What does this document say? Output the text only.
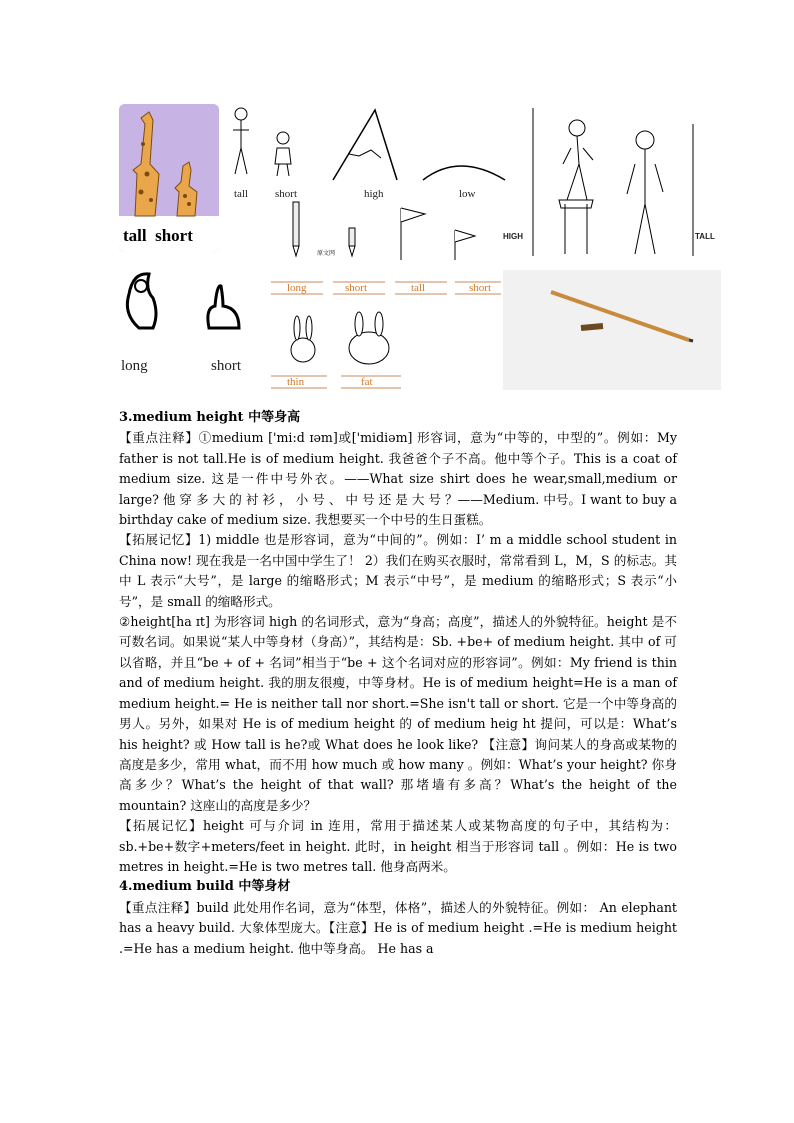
tall  short
tall short	high	low
原文网
long	short	tall	short
long	short
thin	fat
HIGH	TALL

3.medium height 中等身高

【重点注释】①medium ['mi:d ɪəm]或['midiəm] 形容词，意为“中等的，中型的”。例如：My father is not tall.He is of medium height. 我爸爸个子不高。他中等个子。This is a coat of medium size. 这是一件中号外衣。——What size shirt does he wear,small,medium or large? 他 穿 多 大 的 衬 衫 ， 小 号 、 中 号 还 是 大 号 ？——Medium. 中号。I want to buy a birthday cake of medium size. 我想要买一个中号的生日蛋糕。

【拓展记忆】1) middle 也是形容词，意为“中间的”。例如：I’ m a middle school student in China now! 现在我是一名中国中学生了！ 2）我们在购买衣服时，常常看到 L，M，S 的标志。其中 L 表示“大号”，是 large 的缩略形式；M 表示“中号”，是 medium 的缩略形式；S 表示“小号”，是 small 的缩略形式。

②height[ha ɪt] 为形容词 high 的名词形式，意为“身高；高度”，描述人的外貌特征。height 是不可数名词。如果说“某人中等身材（身高）”，其结构是：Sb. +be+ of medium height. 其中 of 可以省略，并且“be + of + 名词”相当于“be + 这个名词对应的形容词”。例如：My friend is thin and of medium height. 我的朋友很瘦，中等身材。He is of medium height=He is a man of medium height.= He is neither tall nor short.=She isn't tall or short. 它是一个中等身高的男人。另外，如果对 He is of medium height 的 of medium heig ht 提问，可以是：What’s his height? 或 How tall is he?或 What does he look like? 【注意】询问某人的身高或某物的高度是多少，常用 what，而不用 how much 或 how many 。例如：What’s your height? 你身高多少？What’s the height of that wall? 那堵墙有多高？What’s the height of the mountain? 这座山的高度是多少？

【拓展记忆】height 可与介词 in 连用，常用于描述某人或某物高度的句子中，其结构为：sb.+be+数字+meters/feet in height. 此时，in height 相当于形容词 tall 。例如：He is two metres in height.=He is two metres tall. 他身高两米。

4.medium build 中等身材

【重点注释】build 此处用作名词，意为“体型，体格”，描述人的外貌特征。例如： An elephant has a heavy build. 大象体型庞大。【注意】He is of medium height .=He is medium height .=He has a medium height. 他中等身高。 He has a
